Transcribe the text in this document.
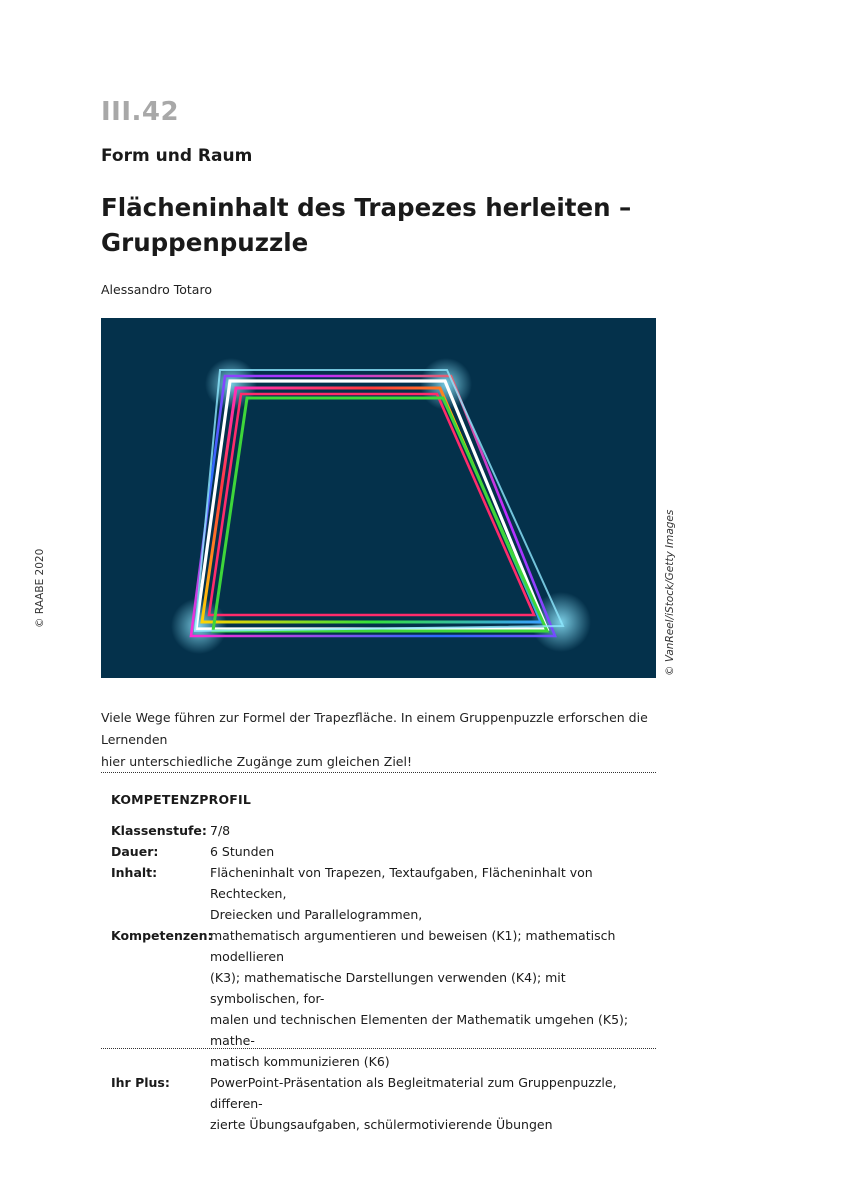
III.42
Form und Raum
Flächeninhalt des Trapezes herleiten –
Gruppenpuzzle
Alessandro Totaro
© RAABE 2020	© VanReel/iStock/Getty Images
Viele Wege führen zur Formel der Trapezfläche. In einem Gruppenpuzzle erforschen die Lernenden
hier unterschiedliche Zugänge zum gleichen Ziel!
KOMPETENZPROFIL
Klassenstufe: 7/8
Dauer:	6 Stunden
Inhalt:	Flächeninhalt von Trapezen, Textaufgaben, Flächeninhalt von Rechtecken,
Dreiecken und Parallelogrammen,
Kompetenzen:
mathematisch argumentieren und beweisen (K1); mathematisch modellieren
(K3); mathematische Darstellungen verwenden (K4); mit symbolischen, for-
malen und technischen Elementen der Mathematik umgehen (K5); mathe-
matisch kommunizieren (K6)
Ihr Plus:	PowerPoint-Präsentation als Begleitmaterial zum Gruppenpuzzle, differen-
zierte Übungsaufgaben, schülermotivierende Übungen
